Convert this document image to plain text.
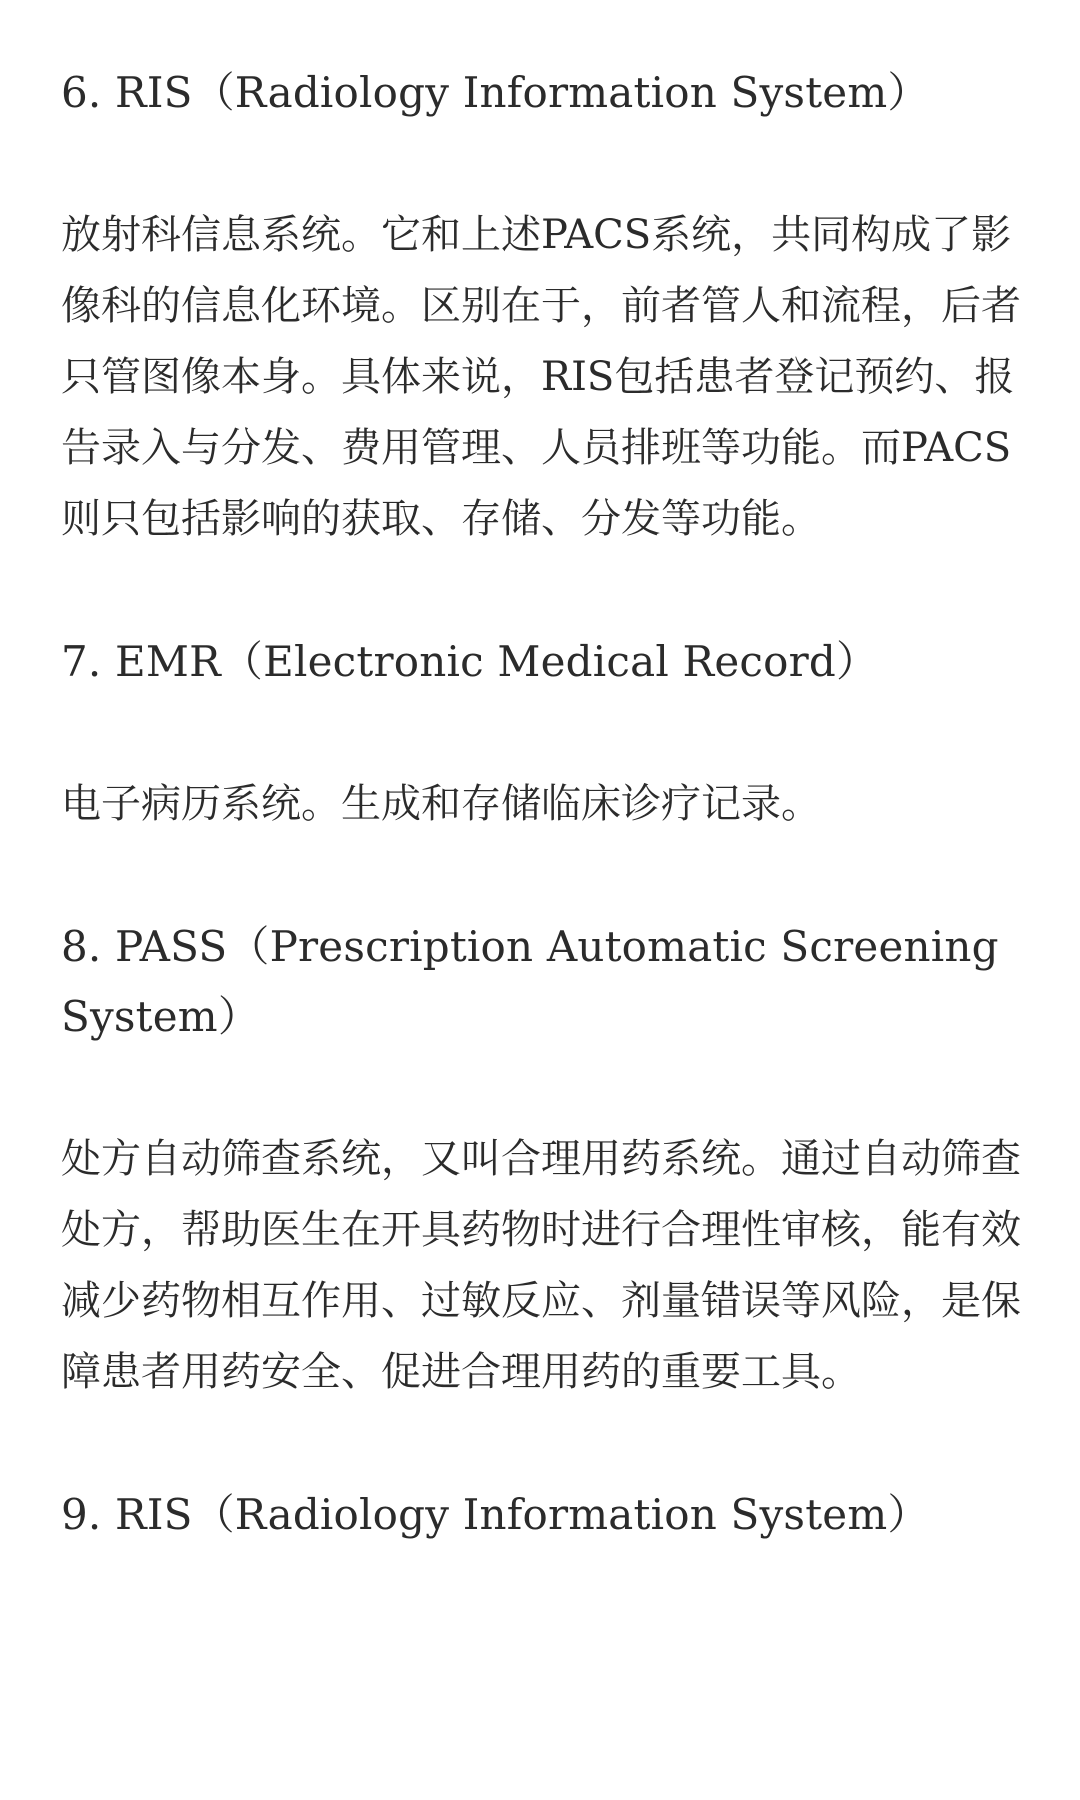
6. RIS（Radiology Information System）

放射科信息系统。它和上述PACS系统，共同构成了影像科的信息化环境。区别在于，前者管人和流程，后者只管图像本身。具体来说，RIS包括患者登记预约、报告录入与分发、费用管理、人员排班等功能。而PACS则只包括影响的获取、存储、分发等功能。

7. EMR（Electronic Medical Record）

电子病历系统。生成和存储临床诊疗记录。

8. PASS（Prescription Automatic Screening System）

处方自动筛查系统，又叫合理用药系统。通过自动筛查处方，帮助医生在开具药物时进行合理性审核，能有效减少药物相互作用、过敏反应、剂量错误等风险，是保障患者用药安全、促进合理用药的重要工具。

9. RIS（Radiology Information System）
